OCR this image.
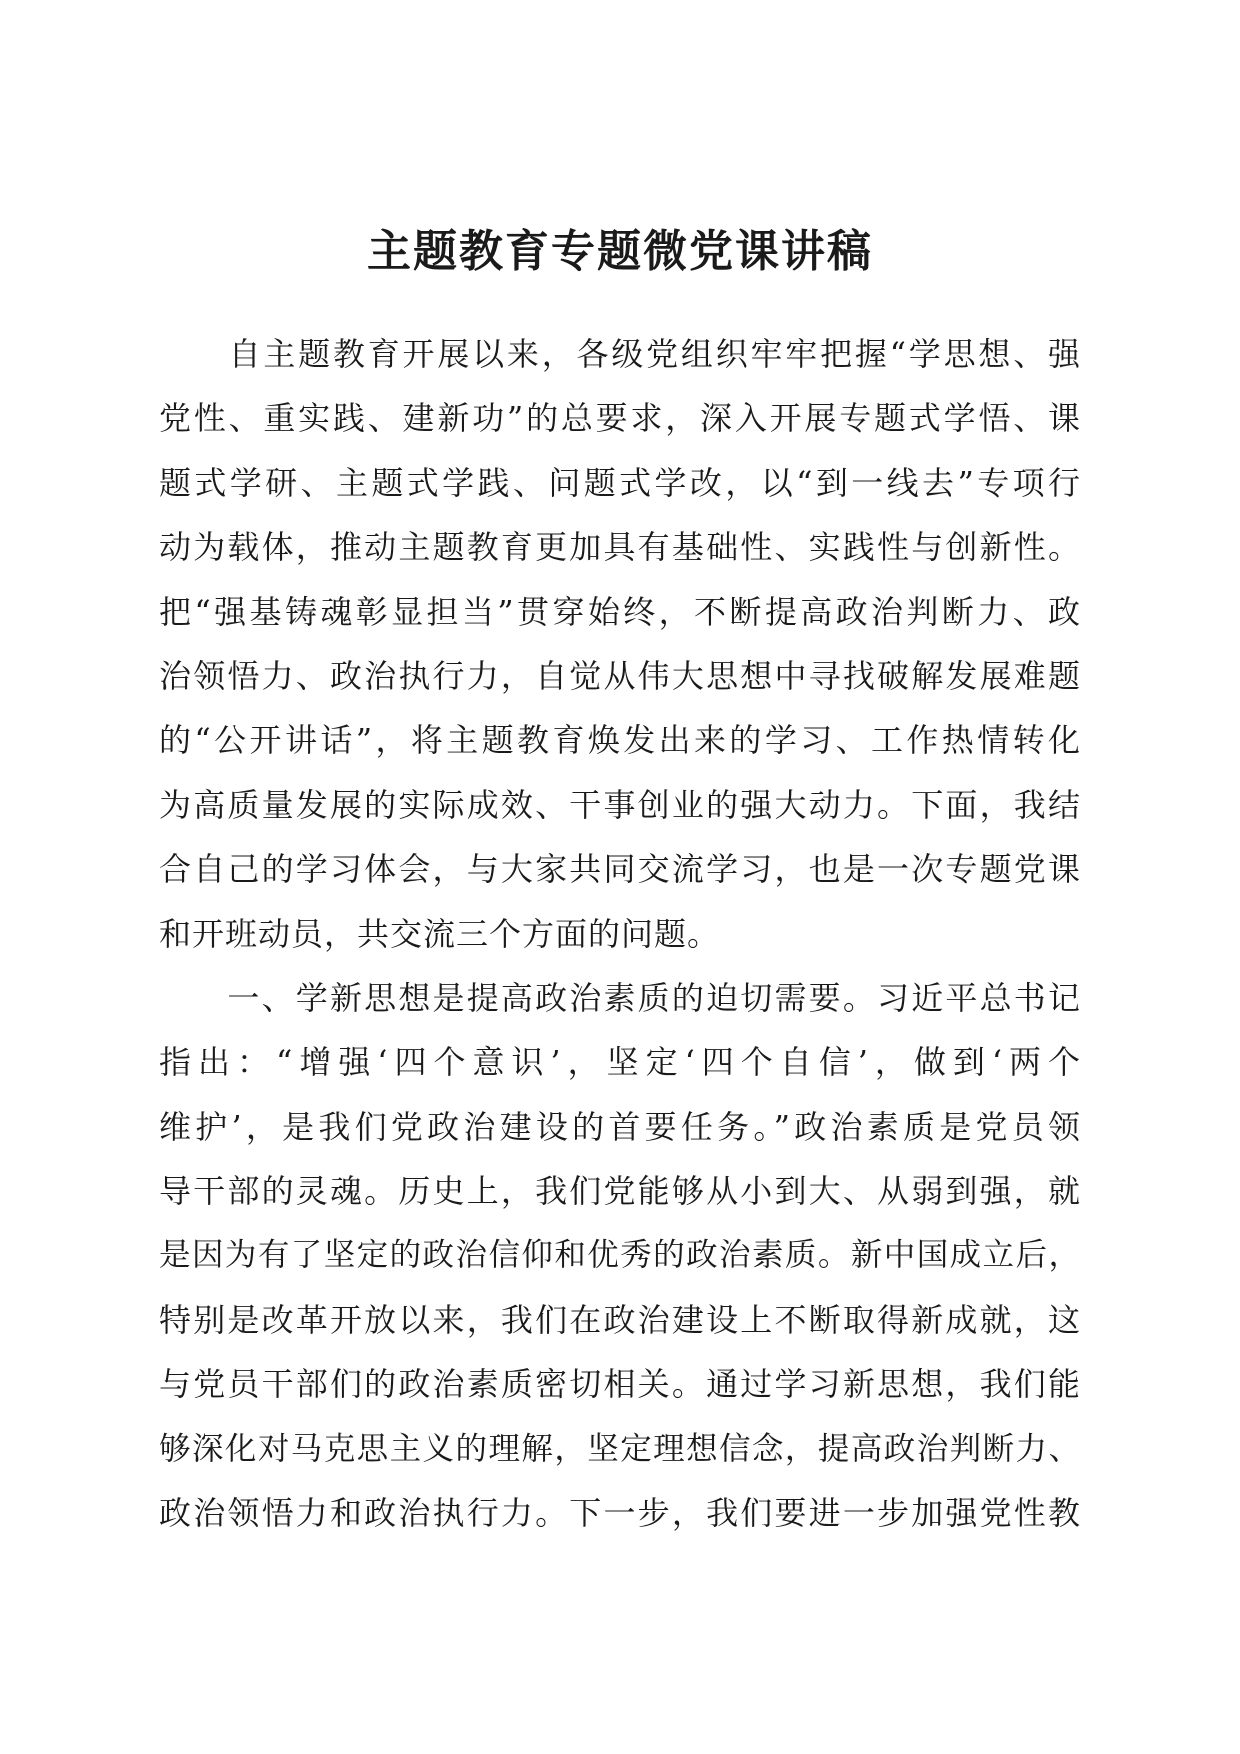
主题教育专题微党课讲稿
　　自主题教育开展以来，各级党组织牢牢把握“学思想、强
党性、重实践、建新功”的总要求，深入开展专题式学悟、课
题式学研、主题式学践、问题式学改，以“到一线去”专项行
动为载体，推动主题教育更加具有基础性、实践性与创新性。
把“强基铸魂彰显担当”贯穿始终，不断提高政治判断力、政
治领悟力、政治执行力，自觉从伟大思想中寻找破解发展难题
的“公开讲话”，将主题教育焕发出来的学习、工作热情转化
为高质量发展的实际成效、干事创业的强大动力。下面，我结
合自己的学习体会，与大家共同交流学习，也是一次专题党课
和开班动员，共交流三个方面的问题。
　　一、学新思想是提高政治素质的迫切需要。习近平总书记
指出：“增强‘四个意识’，坚定‘四个自信’，做到‘两个
维护’，是我们党政治建设的首要任务。”政治素质是党员领
导干部的灵魂。历史上，我们党能够从小到大、从弱到强，就
是因为有了坚定的政治信仰和优秀的政治素质。新中国成立后，
特别是改革开放以来，我们在政治建设上不断取得新成就，这
与党员干部们的政治素质密切相关。通过学习新思想，我们能
够深化对马克思主义的理解，坚定理想信念，提高政治判断力、
政治领悟力和政治执行力。下一步，我们要进一步加强党性教
